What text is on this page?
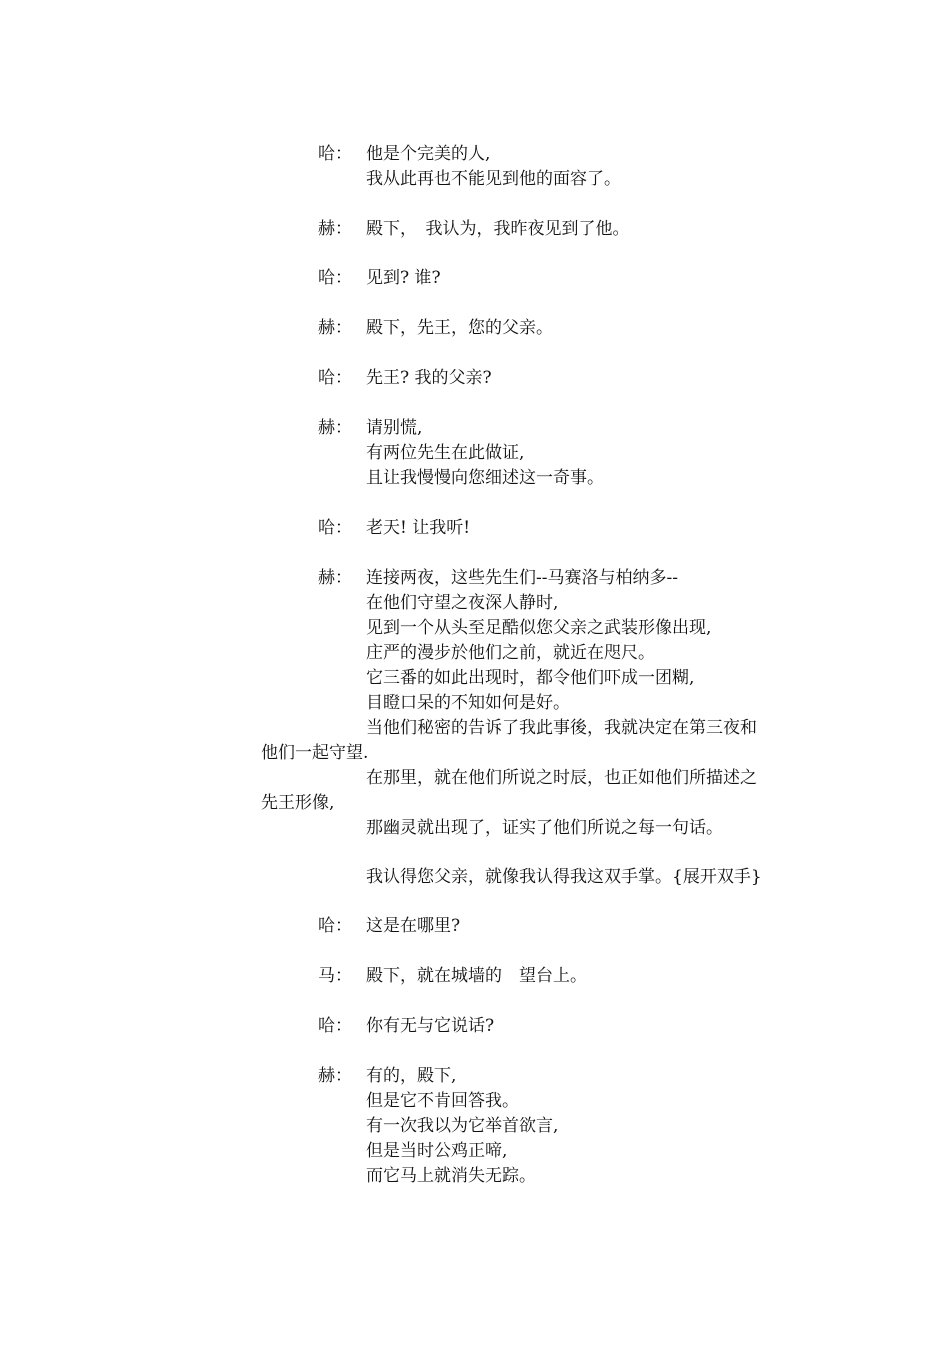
哈： 他是个完美的人,
我从此再也不能见到他的面容了。
赫： 殿下，　我认为，我昨夜见到了他。
哈： 见到? 谁?
赫： 殿下，先王，您的父亲。
哈： 先王? 我的父亲?
赫： 请别慌,
有两位先生在此做证,
且让我慢慢向您细述这一奇事。
哈： 老天! 让我听!
赫： 连接两夜，这些先生们--马赛洛与柏纳多--
在他们守望之夜深人静时,
见到一个从头至足酷似您父亲之武装形像出现,
庄严的漫步於他们之前，就近在咫尺。
它三番的如此出现时，都令他们吓成一团糊,
目瞪口呆的不知如何是好。
当他们秘密的告诉了我此事後，我就决定在第三夜和
他们一起守望.
在那里，就在他们所说之时辰，也正如他们所描述之
先王形像,
那幽灵就出现了，证实了他们所说之每一句话。
我认得您父亲，就像我认得我这双手掌。{展开双手}
哈： 这是在哪里?
马： 殿下，就在城墙的　望台上。
哈： 你有无与它说话?
赫： 有的，殿下,
但是它不肯回答我。
有一次我以为它举首欲言,
但是当时公鸡正啼,
而它马上就消失无踪。
